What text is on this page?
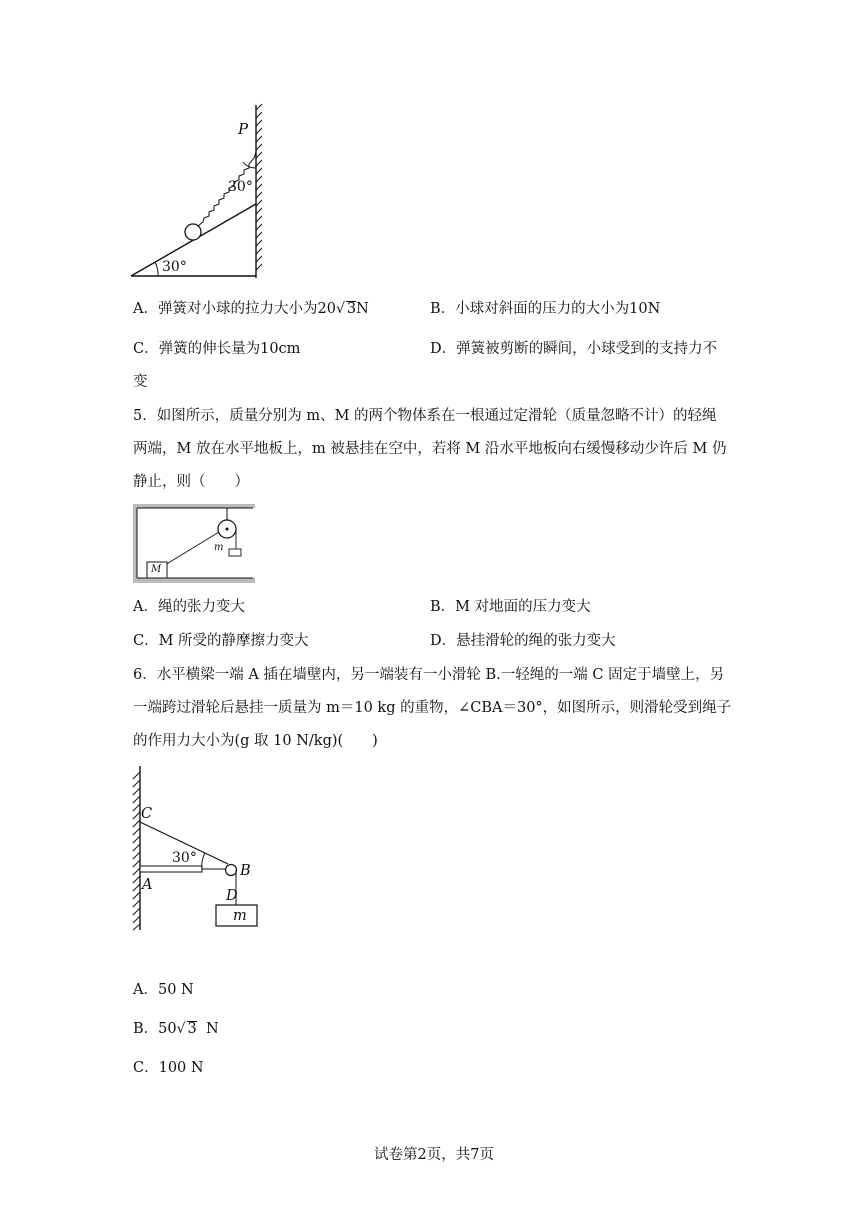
P
30°
30°
A．弹簧对小球的拉力大小为20√ 3N	B．小球对斜面的压力的大小为10N
C．弹簧的伸长量为10cm	D．弹簧被剪断的瞬间，小球受到的支持力不
变
5．如图所示，质量分别为 m、M 的两个物体系在一根通过定滑轮（质量忽略不计）的轻绳
两端，M 放在水平地板上，m 被悬挂在空中，若将 M 沿水平地板向右缓慢移动少许后 M 仍
静止，则（　　）
m
M
A．绳的张力变大	B．M 对地面的压力变大
C．M 所受的静摩擦力变大	D．悬挂滑轮的绳的张力变大
6．水平横梁一端 A 插在墙壁内，另一端装有一小滑轮 B.一轻绳的一端 C 固定于墙壁上，另
一端跨过滑轮后悬挂一质量为 m＝10 kg 的重物，∠CBA＝30°，如图所示，则滑轮受到绳子
的作用力大小为(g 取 10 N/kg)(　　)
C
30°
A
B
D
m
A．50 N
B．50√ 3 N
C．100 N
试卷第2页，共7页
